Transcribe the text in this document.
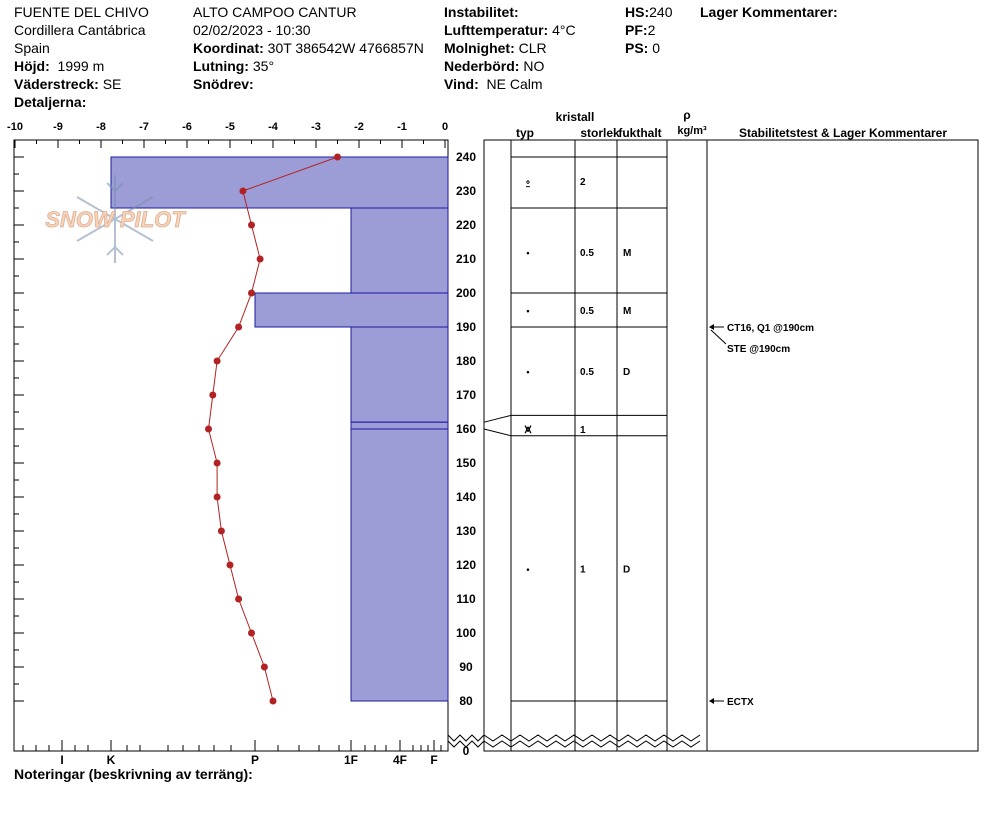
FUENTE DEL CHIVO
Cordillera Cantábrica
Spain
Höjd: 1999 m
Väderstreck: SE
Detaljerna:
ALTO CAMPOO CANTUR
02/02/2023 - 10:30
Koordinat: 30T 386542W 4766857N
Lutning: 35°
Snödrev:
Instabilitet:
Lufttemperatur: 4°C
Molnighet: CLR
Nederbörd: NO
Vind: NE Calm
HS:240
PF:2
PS: 0
Lager Kommentarer:
-10	-9	-8	-7	-6	-5	-4	-3	-2	-1	0
I	K	P	1F	4F F
0
80
90
100
110
120
130
140
150
160
170
180
190
200
210
220
230
240
kristall
typ	storlek
fukthalt
ρ
kg/m³	Stabilitetstest & Lager Kommentarer
⍛	2
•	0.5	M
•	0.5	M
•	0.5	D
⩙	1
•	1	D
CT16, Q1 @190cm
STE @190cm
ECTX
SNOW PILOT
Noteringar (beskrivning av terräng):
